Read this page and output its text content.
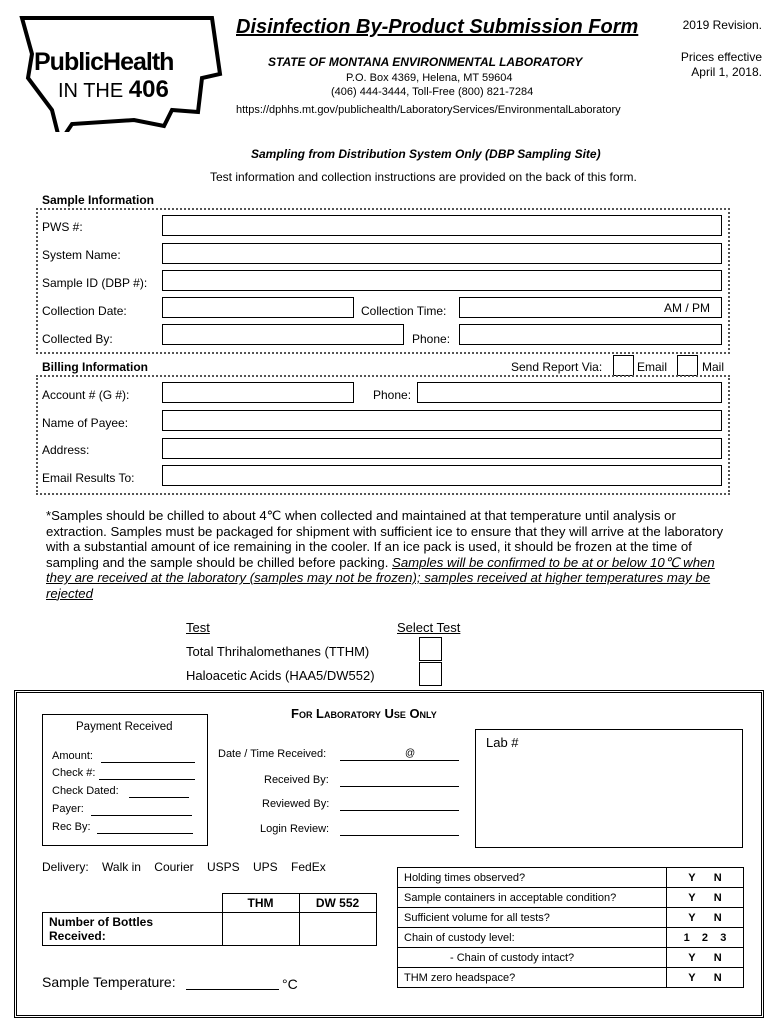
PublicHealth
IN THE 406
Disinfection By-Product Submission Form	2019 Revision.
Prices effective
April 1, 2018.
STATE OF MONTANA ENVIRONMENTAL LABORATORY
P.O. Box 4369, Helena, MT 59604
(406) 444-3444, Toll-Free (800) 821-7284
https://dphhs.mt.gov/publichealth/LaboratoryServices/EnvironmentalLaboratory
Sampling from Distribution System Only (DBP Sampling Site)
Test information and collection instructions are provided on the back of this form.
Sample Information
PWS #:
System Name:
Sample ID (DBP #):
Collection Date:	Collection Time:	AM / PM
Collected By:	Phone:
Billing Information	Send Report Via:	Email	Mail
Account # (G #):	Phone:
Name of Payee:
Address:
Email Results To:
*Samples should be chilled to about 4℃ when collected and maintained at that temperature until analysis or extraction. Samples must be packaged for shipment with sufficient ice to ensure that they will arrive at the laboratory with a substantial amount of ice remaining in the cooler. If an ice pack is used, it should be frozen at the time of sampling and the sample should be chilled before packing. Samples will be confirmed to be at or below 10℃ when they are received at the laboratory (samples may not be frozen); samples received at higher temperatures may be rejected
Test	Select Test
Total Thrihalomethanes (TTHM)
Haloacetic Acids (HAA5/DW552)
For Laboratory Use Only
Payment Received
Amount:
Check #:
Check Dated:
Payer:
Rec By:
Date / Time Received:	@
Received By:
Reviewed By:
Login Review:
Lab #
Delivery: Walk in Courier USPS UPS FedEx
	THM	DW 552

Number of Bottles
Received:		

Sample Temperature:	°C
Holding times observed?	Y      N
Sample containers in acceptable condition?	Y      N
Sufficient volume for all tests?	Y      N
Chain of custody level:	1    2    3
- Chain of custody intact?	Y      N
THM zero headspace?	Y      N
